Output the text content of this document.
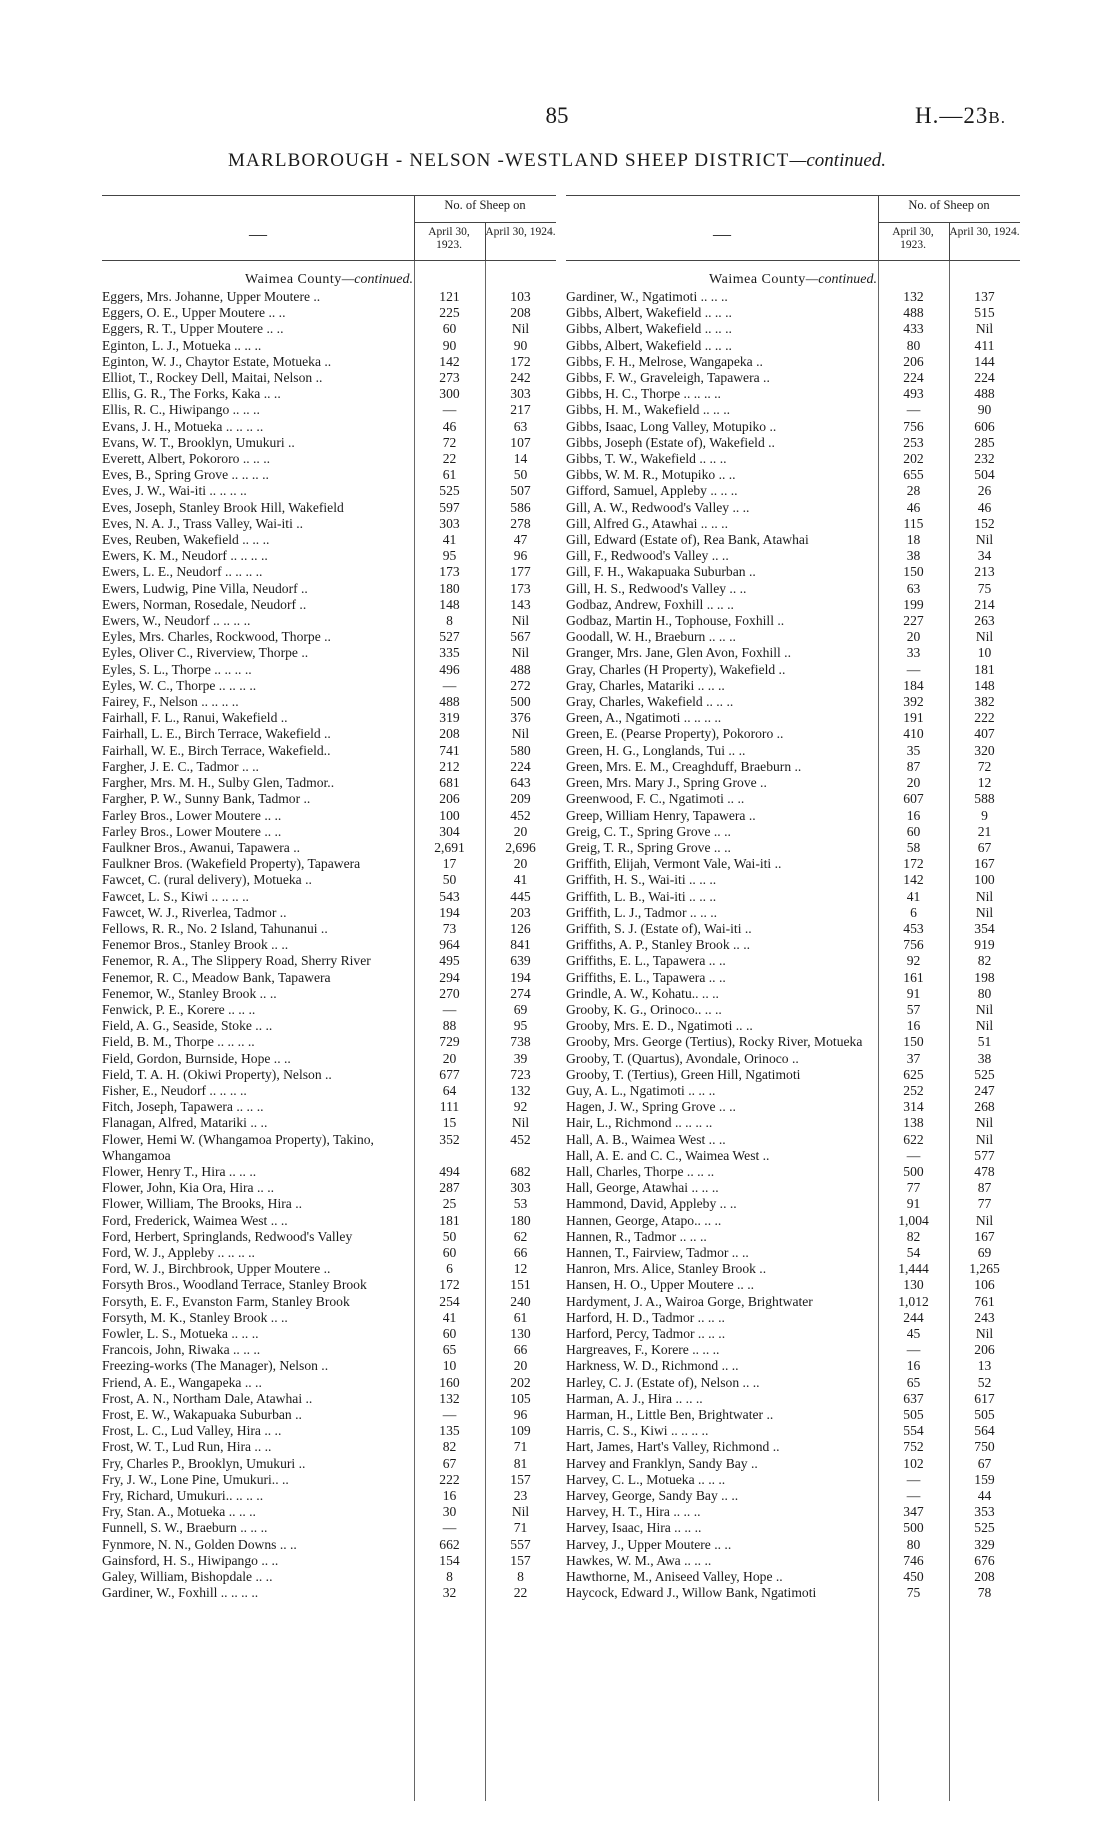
85	H.—23B.
MARLBOROUGH - NELSON -WESTLAND SHEEP DISTRICT—continued.
—
No. of Sheep on
April 30, 1923.
April 30, 1924.
Waimea County—continued.
Eggers, Mrs. Johanne, Upper Moutere ..	121	103
Eggers, O. E., Upper Moutere .. ..	225	208
Eggers, R. T., Upper Moutere .. ..	60	Nil
Eginton, L. J., Motueka .. .. ..	90	90
Eginton, W. J., Chaytor Estate, Motueka ..	142	172
Elliot, T., Rockey Dell, Maitai, Nelson ..	273	242
Ellis, G. R., The Forks, Kaka .. ..	300	303
Ellis, R. C., Hiwipango .. .. ..	—	217
Evans, J. H., Motueka .. .. .. ..	46	63
Evans, W. T., Brooklyn, Umukuri ..	72	107
Everett, Albert, Pokororo .. .. ..	22	14
Eves, B., Spring Grove .. .. .. ..	61	50
Eves, J. W., Wai-iti .. .. .. ..	525	507
Eves, Joseph, Stanley Brook Hill, Wakefield	597	586
Eves, N. A. J., Trass Valley, Wai-iti ..	303	278
Eves, Reuben, Wakefield .. .. ..	41	47
Ewers, K. M., Neudorf .. .. .. ..	95	96
Ewers, L. E., Neudorf .. .. .. ..	173	177
Ewers, Ludwig, Pine Villa, Neudorf ..	180	173
Ewers, Norman, Rosedale, Neudorf ..	148	143
Ewers, W., Neudorf .. .. .. ..	8	Nil
Eyles, Mrs. Charles, Rockwood, Thorpe ..	527	567
Eyles, Oliver C., Riverview, Thorpe ..	335	Nil
Eyles, S. L., Thorpe .. .. .. ..	496	488
Eyles, W. C., Thorpe .. .. .. ..	—	272
Fairey, F., Nelson .. .. .. ..	488	500
Fairhall, F. L., Ranui, Wakefield ..	319	376
Fairhall, L. E., Birch Terrace, Wakefield ..	208	Nil
Fairhall, W. E., Birch Terrace, Wakefield..	741	580
Fargher, J. E. C., Tadmor .. ..	212	224
Fargher, Mrs. M. H., Sulby Glen, Tadmor..	681	643
Fargher, P. W., Sunny Bank, Tadmor ..	206	209
Farley Bros., Lower Moutere .. ..	100	452
Farley Bros., Lower Moutere .. ..	304	20
Faulkner Bros., Awanui, Tapawera ..	2,691	2,696
Faulkner Bros. (Wakefield Property), Tapawera	17	20
Fawcet, C. (rural delivery), Motueka ..	50	41
Fawcet, L. S., Kiwi .. .. .. ..	543	445
Fawcet, W. J., Riverlea, Tadmor ..	194	203
Fellows, R. R., No. 2 Island, Tahunanui ..	73	126
Fenemor Bros., Stanley Brook .. ..	964	841
Fenemor, R. A., The Slippery Road, Sherry River	495	639
Fenemor, R. C., Meadow Bank, Tapawera	294	194
Fenemor, W., Stanley Brook .. ..	270	274
Fenwick, P. E., Korere .. .. ..	—	69
Field, A. G., Seaside, Stoke .. ..	88	95
Field, B. M., Thorpe .. .. .. ..	729	738
Field, Gordon, Burnside, Hope .. ..	20	39
Field, T. A. H. (Okiwi Property), Nelson ..	677	723
Fisher, E., Neudorf .. .. .. ..	64	132
Fitch, Joseph, Tapawera .. .. ..	111	92
Flanagan, Alfred, Matariki .. ..	15	Nil
Flower, Hemi W. (Whangamoa Property), Takino, Whangamoa
352	452
Flower, Henry T., Hira .. .. ..	494	682
Flower, John, Kia Ora, Hira .. ..	287	303
Flower, William, The Brooks, Hira ..	25	53
Ford, Frederick, Waimea West .. ..	181	180
Ford, Herbert, Springlands, Redwood's Valley	50	62
Ford, W. J., Appleby .. .. .. ..	60	66
Ford, W. J., Birchbrook, Upper Moutere ..	6	12
Forsyth Bros., Woodland Terrace, Stanley Brook	172	151
Forsyth, E. F., Evanston Farm, Stanley Brook	254	240
Forsyth, M. K., Stanley Brook .. ..	41	61
Fowler, L. S., Motueka .. .. ..	60	130
Francois, John, Riwaka .. .. ..	65	66
Freezing-works (The Manager), Nelson ..	10	20
Friend, A. E., Wangapeka .. ..	160	202
Frost, A. N., Northam Dale, Atawhai ..	132	105
Frost, E. W., Wakapuaka Suburban ..	—	96
Frost, L. C., Lud Valley, Hira .. ..	135	109
Frost, W. T., Lud Run, Hira .. ..	82	71
Fry, Charles P., Brooklyn, Umukuri ..	67	81
Fry, J. W., Lone Pine, Umukuri.. ..	222	157
Fry, Richard, Umukuri.. .. .. ..	16	23
Fry, Stan. A., Motueka .. .. ..	30	Nil
Funnell, S. W., Braeburn .. .. ..	—	71
Fynmore, N. N., Golden Downs .. ..	662	557
Gainsford, H. S., Hiwipango .. ..	154	157
Galey, William, Bishopdale .. ..	8	8
Gardiner, W., Foxhill .. .. .. ..	32	22
—
No. of Sheep on
April 30, 1923.
April 30, 1924.
Waimea County—continued.
Gardiner, W., Ngatimoti .. .. ..	132	137
Gibbs, Albert, Wakefield .. .. ..	488	515
Gibbs, Albert, Wakefield .. .. ..	433	Nil
Gibbs, Albert, Wakefield .. .. ..	80	411
Gibbs, F. H., Melrose, Wangapeka ..	206	144
Gibbs, F. W., Graveleigh, Tapawera ..	224	224
Gibbs, H. C., Thorpe .. .. .. ..	493	488
Gibbs, H. M., Wakefield .. .. ..	—	90
Gibbs, Isaac, Long Valley, Motupiko ..	756	606
Gibbs, Joseph (Estate of), Wakefield ..	253	285
Gibbs, T. W., Wakefield .. .. ..	202	232
Gibbs, W. M. R., Motupiko .. ..	655	504
Gifford, Samuel, Appleby .. .. ..	28	26
Gill, A. W., Redwood's Valley .. ..	46	46
Gill, Alfred G., Atawhai .. .. ..	115	152
Gill, Edward (Estate of), Rea Bank, Atawhai	18	Nil
Gill, F., Redwood's Valley .. ..	38	34
Gill, F. H., Wakapuaka Suburban ..	150	213
Gill, H. S., Redwood's Valley .. ..	63	75
Godbaz, Andrew, Foxhill .. .. ..	199	214
Godbaz, Martin H., Tophouse, Foxhill ..	227	263
Goodall, W. H., Braeburn .. .. ..	20	Nil
Granger, Mrs. Jane, Glen Avon, Foxhill ..	33	10
Gray, Charles (H Property), Wakefield ..	—	181
Gray, Charles, Matariki .. .. ..	184	148
Gray, Charles, Wakefield .. .. ..	392	382
Green, A., Ngatimoti .. .. .. ..	191	222
Green, E. (Pearse Property), Pokororo ..	410	407
Green, H. G., Longlands, Tui .. ..	35	320
Green, Mrs. E. M., Creaghduff, Braeburn ..	87	72
Green, Mrs. Mary J., Spring Grove ..	20	12
Greenwood, F. C., Ngatimoti .. ..	607	588
Greep, William Henry, Tapawera ..	16	9
Greig, C. T., Spring Grove .. ..	60	21
Greig, T. R., Spring Grove .. ..	58	67
Griffith, Elijah, Vermont Vale, Wai-iti ..	172	167
Griffith, H. S., Wai-iti .. .. ..	142	100
Griffith, L. B., Wai-iti .. .. ..	41	Nil
Griffith, L. J., Tadmor .. .. ..	6	Nil
Griffith, S. J. (Estate of), Wai-iti ..	453	354
Griffiths, A. P., Stanley Brook .. ..	756	919
Griffiths, E. L., Tapawera .. ..	92	82
Griffiths, E. L., Tapawera .. ..	161	198
Grindle, A. W., Kohatu.. .. ..	91	80
Grooby, K. G., Orinoco.. .. ..	57	Nil
Grooby, Mrs. E. D., Ngatimoti .. ..	16	Nil
Grooby, Mrs. George (Tertius), Rocky River, Motueka	150	51
Grooby, T. (Quartus), Avondale, Orinoco ..	37	38
Grooby, T. (Tertius), Green Hill, Ngatimoti	625	525
Guy, A. L., Ngatimoti .. .. ..	252	247
Hagen, J. W., Spring Grove .. ..	314	268
Hair, L., Richmond .. .. .. ..	138	Nil
Hall, A. B., Waimea West .. ..	622	Nil
Hall, A. E. and C. C., Waimea West ..	—	577
Hall, Charles, Thorpe .. .. ..	500	478
Hall, George, Atawhai .. .. ..	77	87
Hammond, David, Appleby .. ..	91	77
Hannen, George, Atapo.. .. ..	1,004	Nil
Hannen, R., Tadmor .. .. ..	82	167
Hannen, T., Fairview, Tadmor .. ..	54	69
Hanron, Mrs. Alice, Stanley Brook ..	1,444	1,265
Hansen, H. O., Upper Moutere .. ..	130	106
Hardyment, J. A., Wairoa Gorge, Brightwater	1,012	761
Harford, H. D., Tadmor .. .. ..	244	243
Harford, Percy, Tadmor .. .. ..	45	Nil
Hargreaves, F., Korere .. .. ..	—	206
Harkness, W. D., Richmond .. ..	16	13
Harley, C. J. (Estate of), Nelson .. ..	65	52
Harman, A. J., Hira .. .. ..	637	617
Harman, H., Little Ben, Brightwater ..	505	505
Harris, C. S., Kiwi .. .. .. ..	554	564
Hart, James, Hart's Valley, Richmond ..	752	750
Harvey and Franklyn, Sandy Bay ..	102	67
Harvey, C. L., Motueka .. .. ..	—	159
Harvey, George, Sandy Bay .. ..	—	44
Harvey, H. T., Hira .. .. ..	347	353
Harvey, Isaac, Hira .. .. ..	500	525
Harvey, J., Upper Moutere .. ..	80	329
Hawkes, W. M., Awa .. .. ..	746	676
Hawthorne, M., Aniseed Valley, Hope ..	450	208
Haycock, Edward J., Willow Bank, Ngatimoti	75	78
